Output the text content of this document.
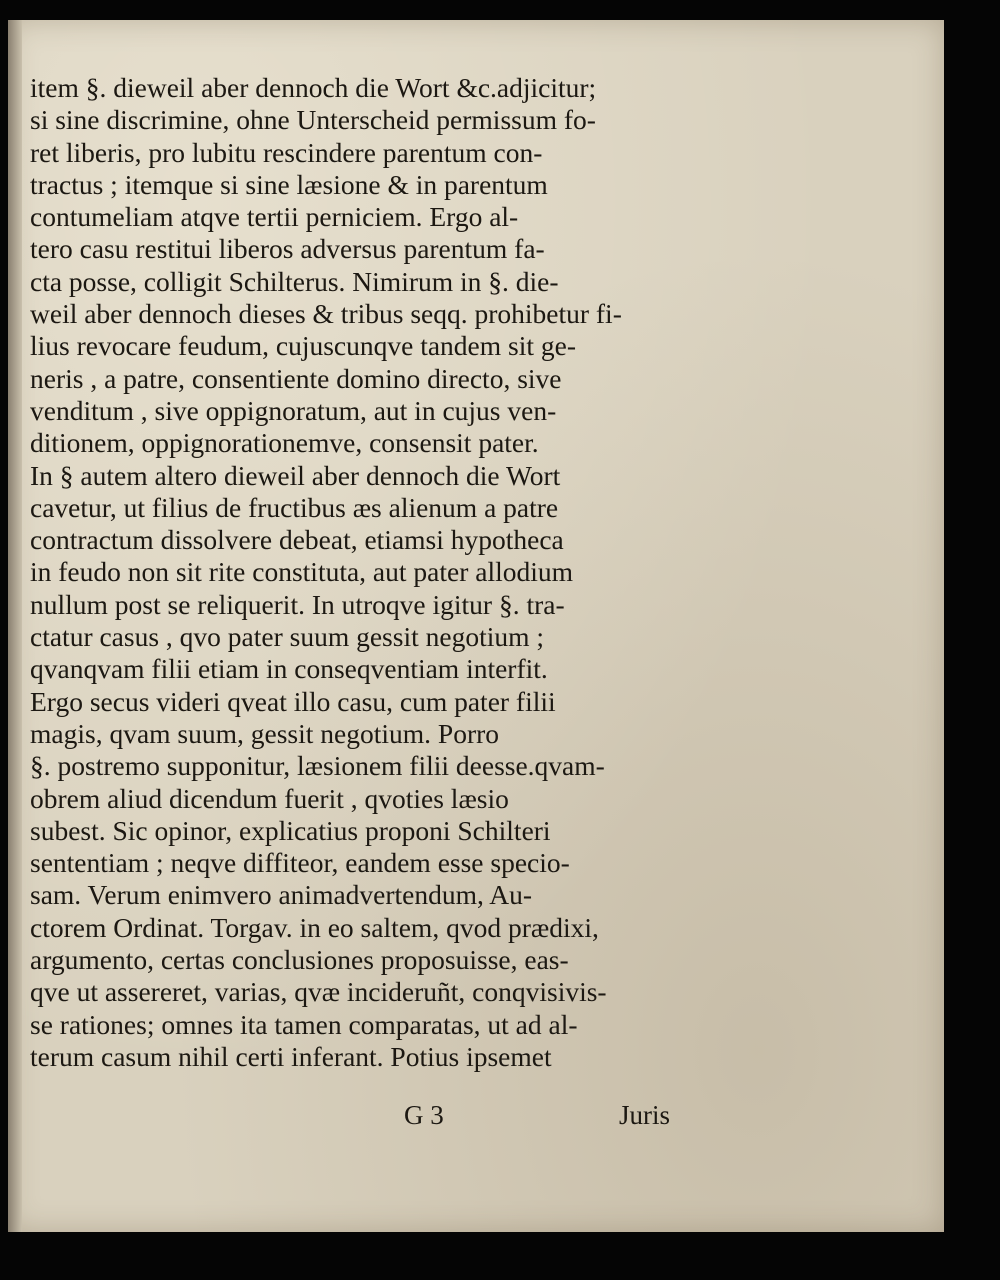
item §. dieweil aber dennoch die Wort &c.adjicitur;
si sine discrimine, ohne Unterscheid permissum fo-
ret liberis, pro lubitu rescindere parentum con-
tractus ; itemque si sine læsione & in parentum
contumeliam atqve tertii perniciem. Ergo al-
tero casu restitui liberos adversus parentum fa-
cta posse, colligit Schilterus. Nimirum in §. die-
weil aber dennoch dieses & tribus seqq. prohibetur fi-
lius revocare feudum, cujuscunqve tandem sit ge-
neris , a patre, consentiente domino directo, sive
venditum , sive oppignoratum, aut in cujus ven-
ditionem, oppignorationemve, consensit pater.
In § autem altero dieweil aber dennoch die Wort
cavetur, ut filius de fructibus æs alienum a patre
contractum dissolvere debeat, etiamsi hypotheca
in feudo non sit rite constituta, aut pater allodium
nullum post se reliquerit. In utroqve igitur §. tra-
ctatur casus , qvo pater suum gessit negotium ;
qvanqvam filii etiam in conseqventiam interfit.
Ergo secus videri qveat illo casu, cum pater filii
magis, qvam suum, gessit negotium. Porro
§. postremo supponitur, læsionem filii deesse.qvam-
obrem aliud dicendum fuerit , qvoties læsio
subest. Sic opinor, explicatius proponi Schilteri
sententiam ; neqve diffiteor, eandem esse specio-
sam. Verum enimvero animadvertendum, Au-
ctorem Ordinat. Torgav. in eo saltem, qvod prædixi,
argumento, certas conclusiones proposuisse, eas-
qve ut assereret, varias, qvæ incideruñt, conqvisivis-
se rationes; omnes ita tamen comparatas, ut ad al-
terum casum nihil certi inferant. Potius ipsemet
G 3	Juris
